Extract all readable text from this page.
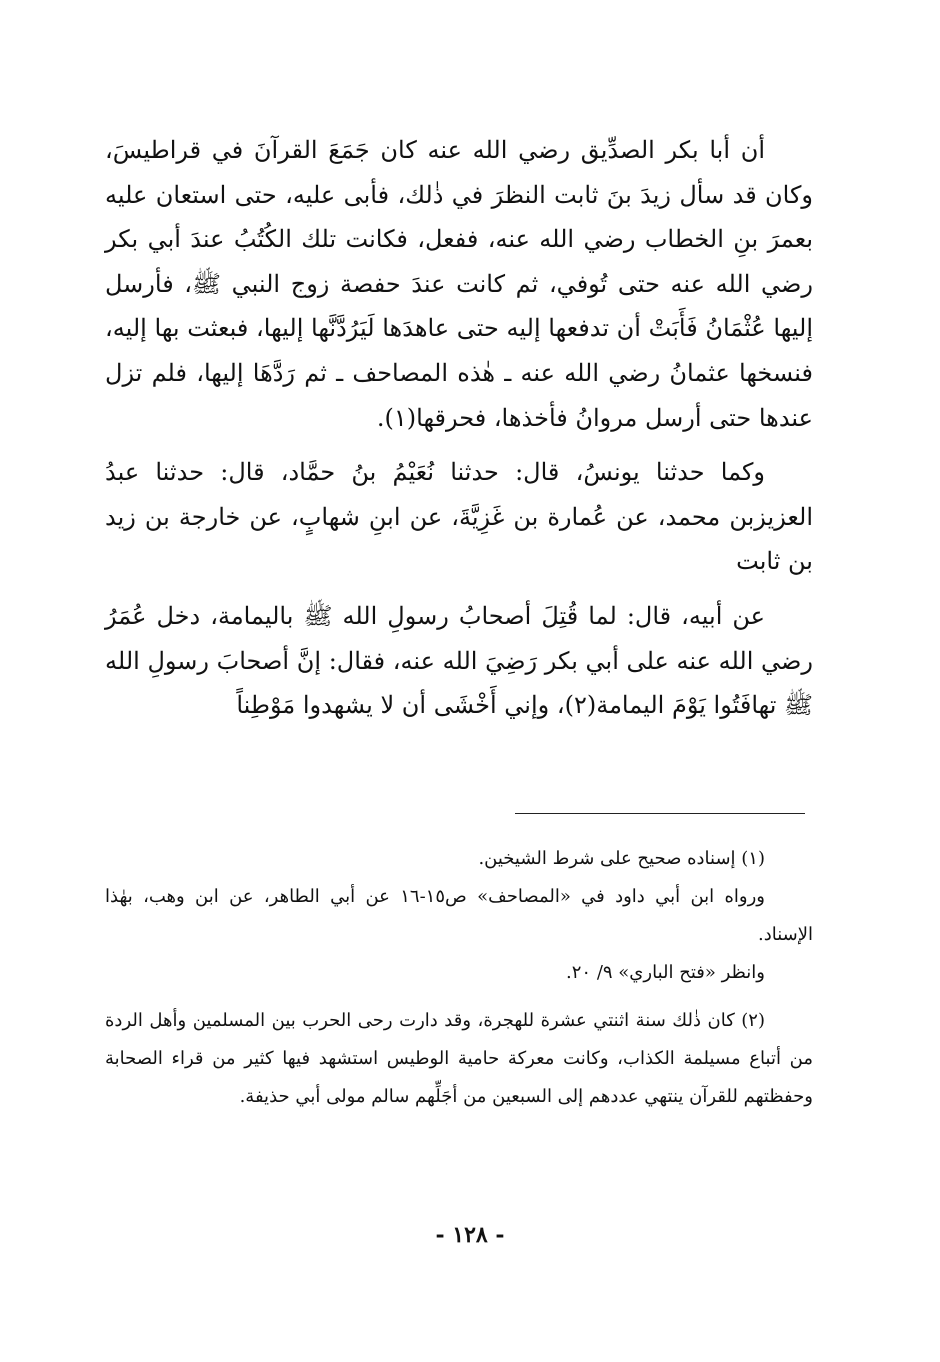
أن أبا بكر الصدِّيق رضي الله عنه كان جَمَعَ القرآنَ في قراطيسَ، وكان قد سأل زيدَ بنَ ثابت النظرَ في ذٰلك، فأبى عليه، حتى استعان عليه بعمرَ بنِ الخطاب رضي الله عنه، ففعل، فكانت تلك الكُتُبُ عندَ أبي بكر رضي الله عنه حتى تُوفي، ثم كانت عندَ حفصة زوج النبي ﷺ، فأرسل إليها عُثْمَانُ فَأَبَتْ أن تدفعها إليه حتى عاهدَها لَيَرُدَّنَّها إليها، فبعثت بها إليه، فنسخها عثمانُ رضي الله عنه ـ هٰذه المصاحف ـ ثم رَدَّهَا إليها، فلم تزل عندها حتى أرسل مروانُ فأخذها، فحرقها(١).

وكما حدثنا يونسُ، قال: حدثنا نُعَيْمُ بنُ حمَّاد، قال: حدثنا عبدُ العزيزبن محمد، عن عُمارة بن غَزِيَّةَ، عن ابنِ شهابٍ، عن خارجة بن زيد بن ثابت

عن أبيه، قال: لما قُتِلَ أصحابُ رسولِ الله ﷺ باليمامة، دخل عُمَرُ رضي الله عنه على أبي بكر رَضِيَ الله عنه، فقال: إنَّ أصحابَ رسولِ الله ﷺ تهافَتُوا يَوْمَ اليمامة(٢)، وإني أَخْشَى أن لا يشهدوا مَوْطِناً

(١) إسناده صحيح على شرط الشيخين.

ورواه ابن أبي داود في «المصاحف» ص١٥-١٦ عن أبي الطاهر، عن ابن وهب، بهٰذا الإسناد.

وانظر «فتح الباري» ٩/ ٢٠.

(٢) كان ذٰلك سنة اثنتي عشرة للهجرة، وقد دارت رحى الحرب بين المسلمين وأهل الردة من أتباع مسيلمة الكذاب، وكانت معركة حامية الوطيس استشهد فيها كثير من قراء الصحابة وحفظتهم للقرآن ينتهي عددهم إلى السبعين من أجَلِّهم سالم مولى أبي حذيفة.

- ١٢٨ -
